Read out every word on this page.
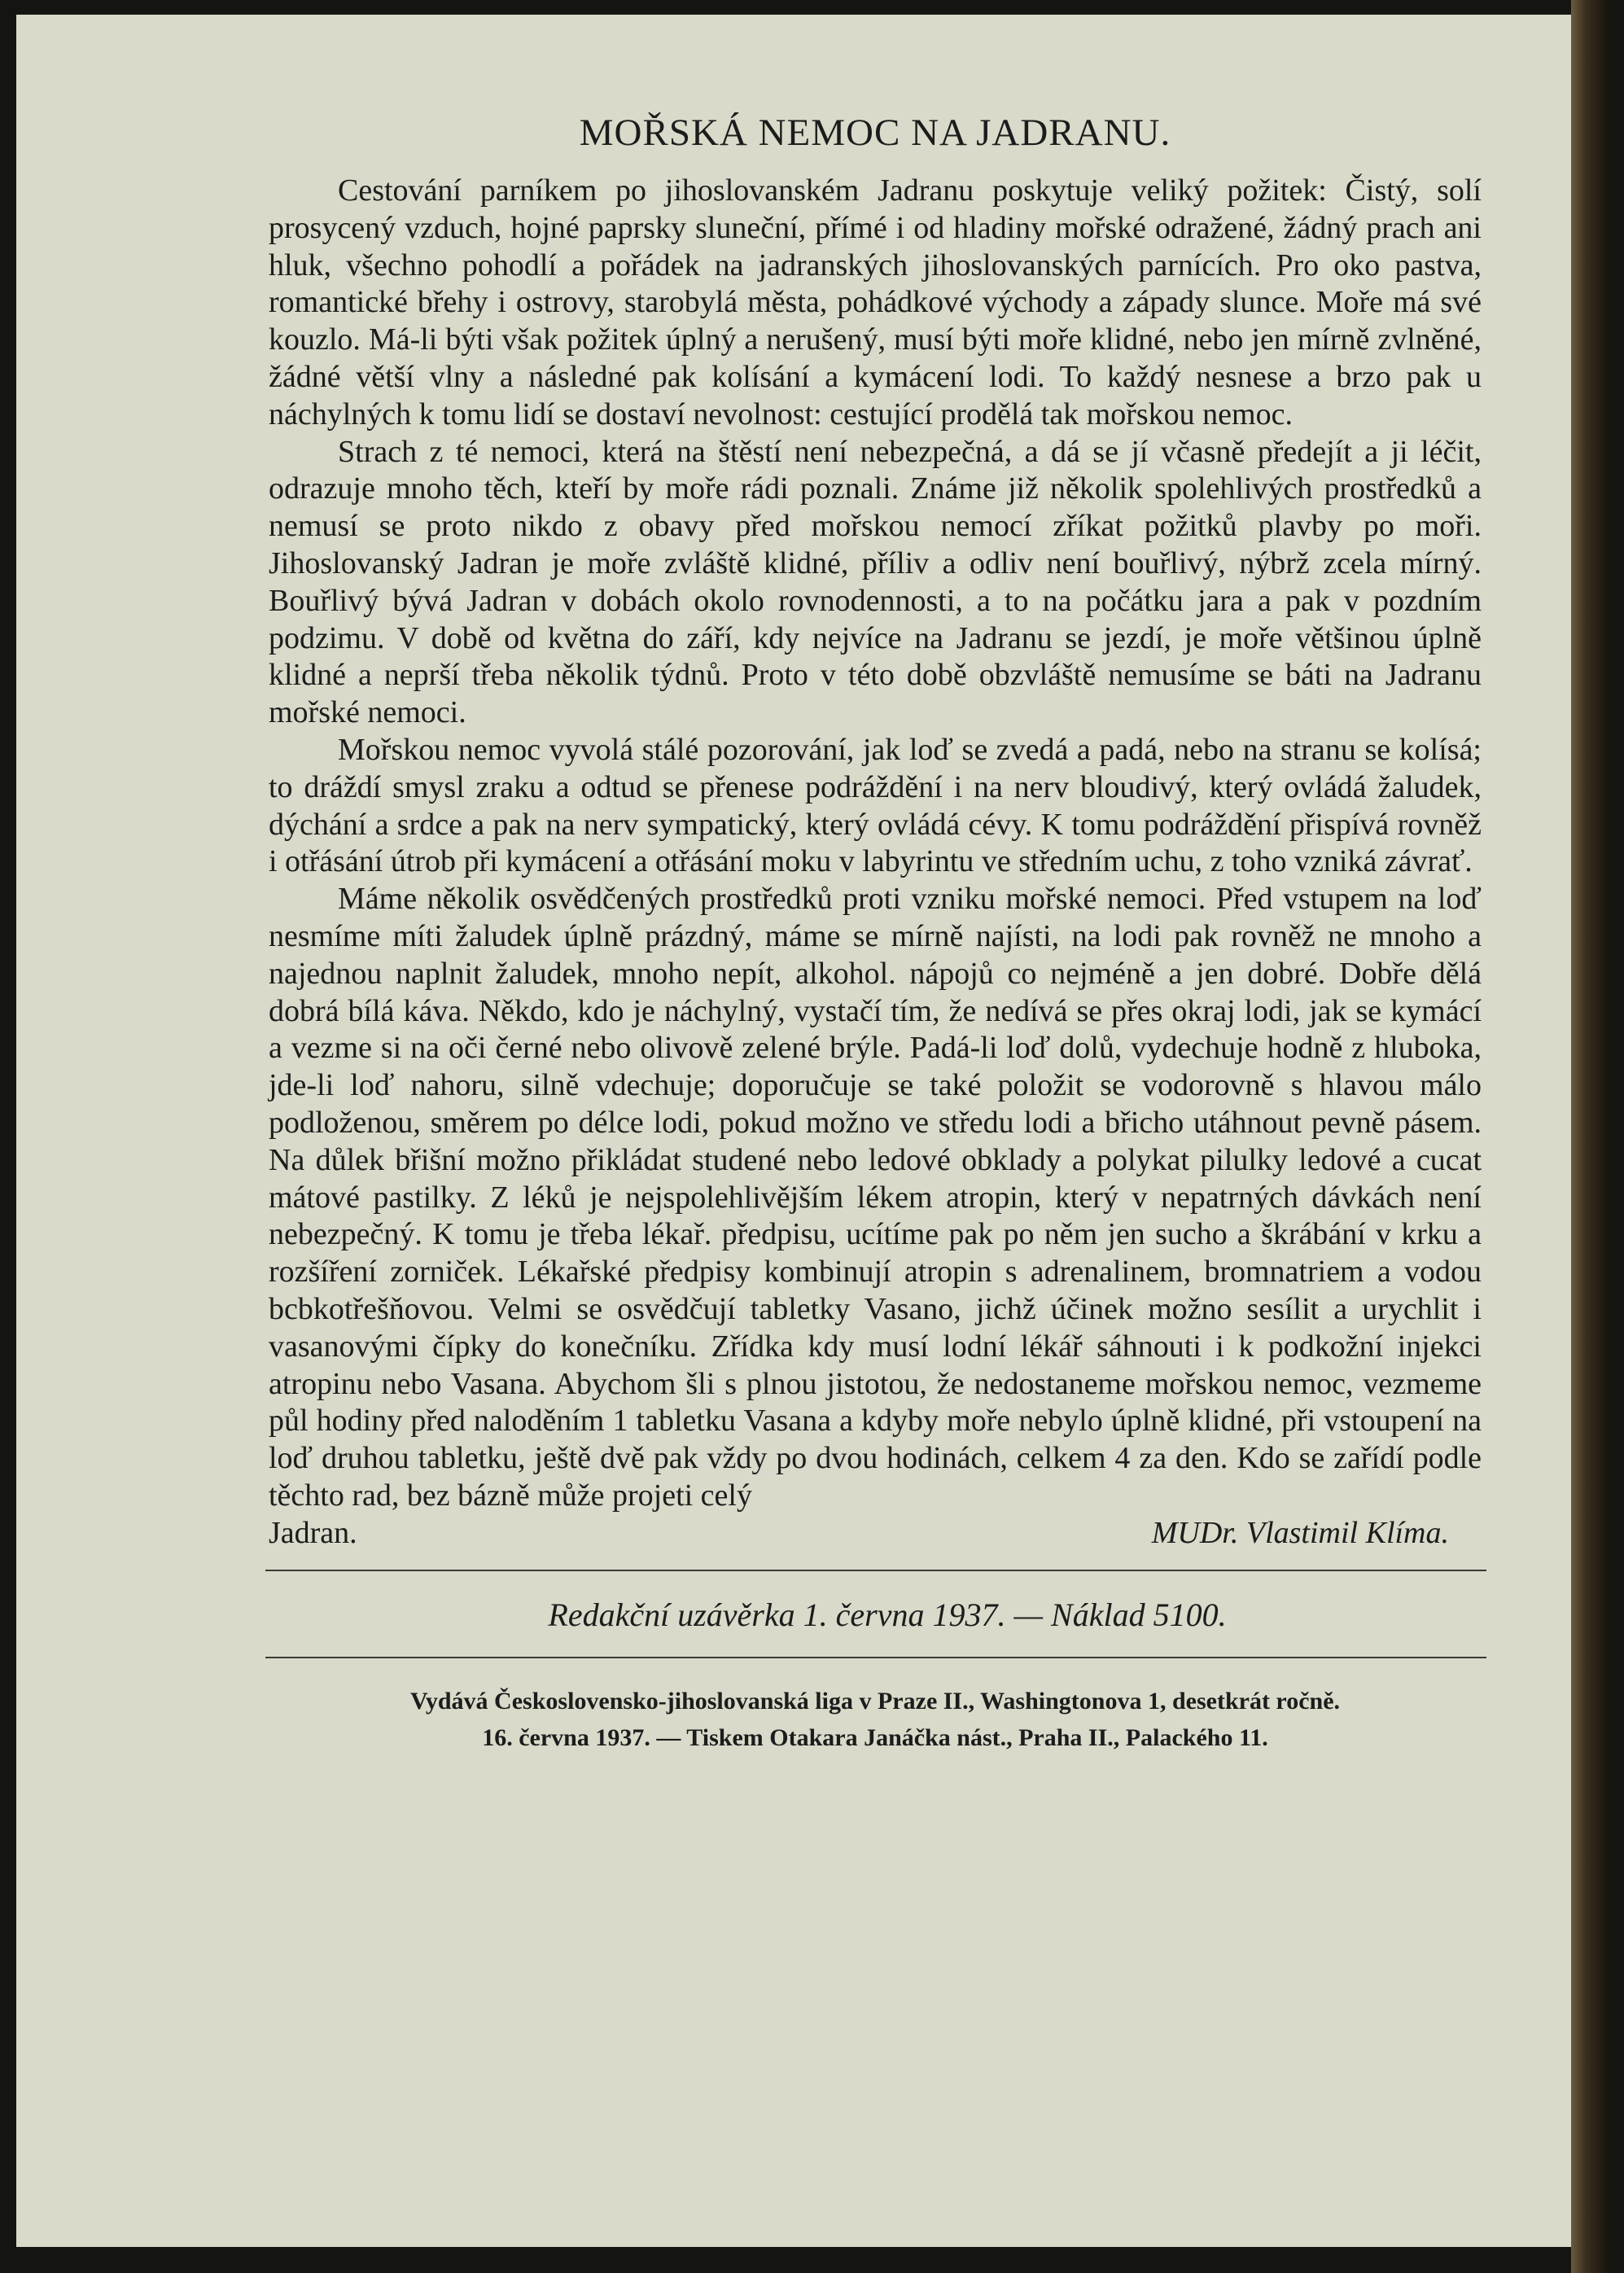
MOŘSKÁ NEMOC NA JADRANU.

Cestování parníkem po jihoslovanském Jadranu poskytuje veliký požitek: Čistý, solí prosycený vzduch, hojné paprsky sluneční, přímé i od hladiny mořské odražené, žádný prach ani hluk, všechno pohodlí a pořádek na jadranských jihoslovanských parnících. Pro oko pastva, romantické břehy i ostrovy, starobylá města, pohádkové východy a západy slunce. Moře má své kouzlo. Má-li býti však požitek úplný a nerušený, musí býti moře klidné, nebo jen mírně zvlněné, žádné větší vlny a následné pak kolísání a kymácení lodi. To každý nesnese a brzo pak u náchylných k tomu lidí se dostaví nevolnost: cestující prodělá tak mořskou nemoc.

Strach z té nemoci, která na štěstí není nebezpečná, a dá se jí včasně předejít a ji léčit, odrazuje mnoho těch, kteří by moře rádi poznali. Známe již několik spolehlivých prostředků a nemusí se proto nikdo z obavy před mořskou nemocí zříkat požitků plavby po moři. Jihoslovanský Jadran je moře zvláště klidné, příliv a odliv není bouřlivý, nýbrž zcela mírný. Bouřlivý bývá Jadran v dobách okolo rovnodennosti, a to na počátku jara a pak v pozdním podzimu. V době od května do září, kdy nejvíce na Jadranu se jezdí, je moře většinou úplně klidné a neprší třeba několik týdnů. Proto v této době obzvláště nemusíme se báti na Jadranu mořské nemoci.

Mořskou nemoc vyvolá stálé pozorování, jak loď se zvedá a padá, nebo na stranu se kolísá; to dráždí smysl zraku a odtud se přenese podráždění i na nerv bloudivý, který ovládá žaludek, dýchání a srdce a pak na nerv sympatický, který ovládá cévy. K tomu podráždění přispívá rovněž i otřásání útrob při kymácení a otřásání moku v labyrintu ve středním uchu, z toho vzniká závrať.

Máme několik osvědčených prostředků proti vzniku mořské nemoci. Před vstupem na loď nesmíme míti žaludek úplně prázdný, máme se mírně najísti, na lodi pak rovněž ne mnoho a najednou naplnit žaludek, mnoho nepít, alkohol. nápojů co nejméně a jen dobré. Dobře dělá dobrá bílá káva. Někdo, kdo je náchylný, vystačí tím, že nedívá se přes okraj lodi, jak se kymácí a vezme si na oči černé nebo olivově zelené brýle. Padá-li loď dolů, vydechuje hodně z hluboka, jde-li loď nahoru, silně vdechuje; doporučuje se také položit se vodorovně s hlavou málo podloženou, směrem po délce lodi, pokud možno ve středu lodi a břicho utáhnout pevně pásem. Na důlek břišní možno přikládat studené nebo ledové obklady a polykat pilulky ledové a cucat mátové pastilky. Z léků je nejspolehlivějším lékem atropin, který v nepatrných dávkách není nebezpečný. K tomu je třeba lékař. předpisu, ucítíme pak po něm jen sucho a škrábání v krku a rozšíření zorniček. Lékařské předpisy kombinují atropin s adrenalinem, bromnatriem a vodou bcbkotřešňovou. Velmi se osvědčují tabletky Vasano, jichž účinek možno sesílit a urychlit i vasanovými čípky do konečníku. Zřídka kdy musí lodní lékář sáhnouti i k podkožní injekci atropinu nebo Vasana. Abychom šli s plnou jistotou, že nedostaneme mořskou nemoc, vezmeme půl hodiny před naloděním 1 tabletku Vasana a kdyby moře nebylo úplně klidné, při vstoupení na loď druhou tabletku, ještě dvě pak vždy po dvou hodinách, celkem 4 za den. Kdo se zařídí podle těchto rad, bez bázně může projeti celý

Jadran.	MUDr. Vlastimil Klíma.
Redakční uzávěrka 1. června 1937. — Náklad 5100.
Vydává Československo-jihoslovanská liga v Praze II., Washingtonova 1, desetkrát ročně.
16. června 1937. — Tiskem Otakara Janáčka nást., Praha II., Palackého 11.
